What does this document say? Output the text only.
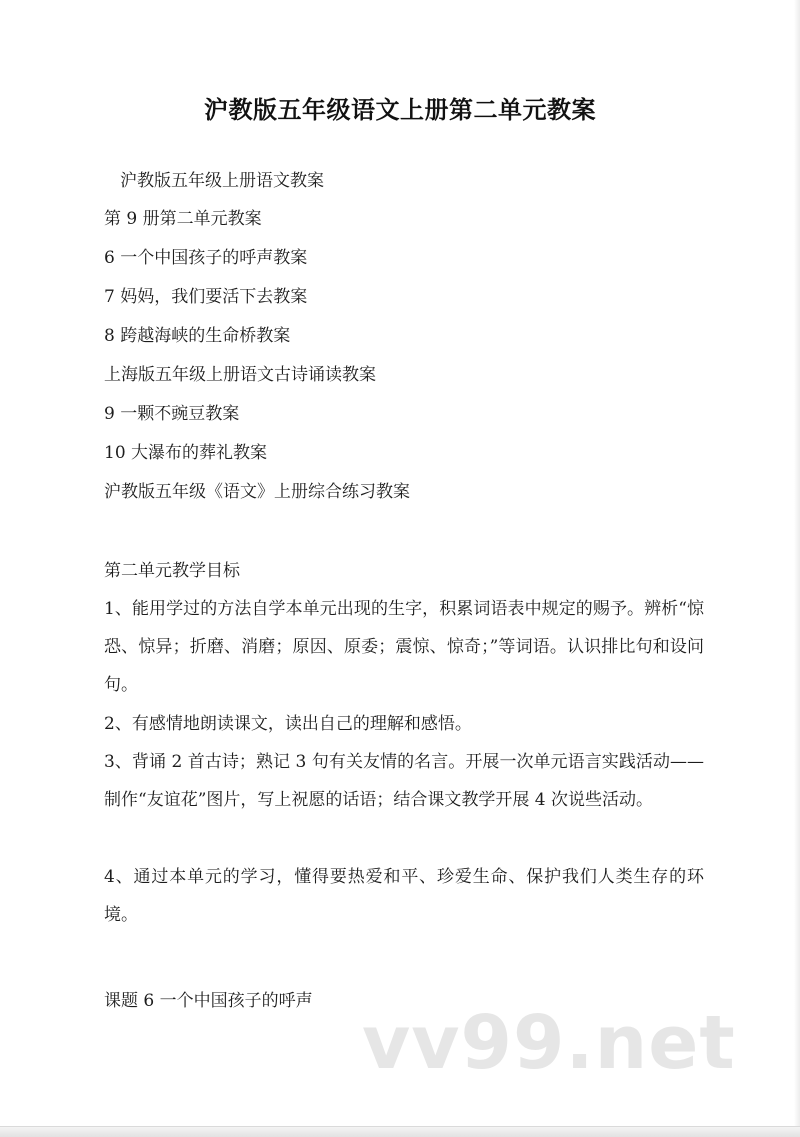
沪教版五年级语文上册第二单元教案
沪教版五年级上册语文教案
第 9 册第二单元教案
6 一个中国孩子的呼声教案
7 妈妈，我们要活下去教案
8 跨越海峡的生命桥教案
上海版五年级上册语文古诗诵读教案
9 一颗不豌豆教案
10 大瀑布的葬礼教案
沪教版五年级《语文》上册综合练习教案
第二单元教学目标
1、能用学过的方法自学本单元出现的生字，积累词语表中规定的赐予。辨析“惊恐、惊异；折磨、消磨；原因、原委；震惊、惊奇；”等词语。认识排比句和设问句。
2、有感情地朗读课文，读出自己的理解和感悟。
3、背诵 2 首古诗；熟记 3 句有关友情的名言。开展一次单元语言实践活动——制作“友谊花”图片，写上祝愿的话语；结合课文教学开展 4 次说些活动。
4、通过本单元的学习，懂得要热爱和平、珍爱生命、保护我们人类生存的环境。
课题 6 一个中国孩子的呼声 vv99.net
